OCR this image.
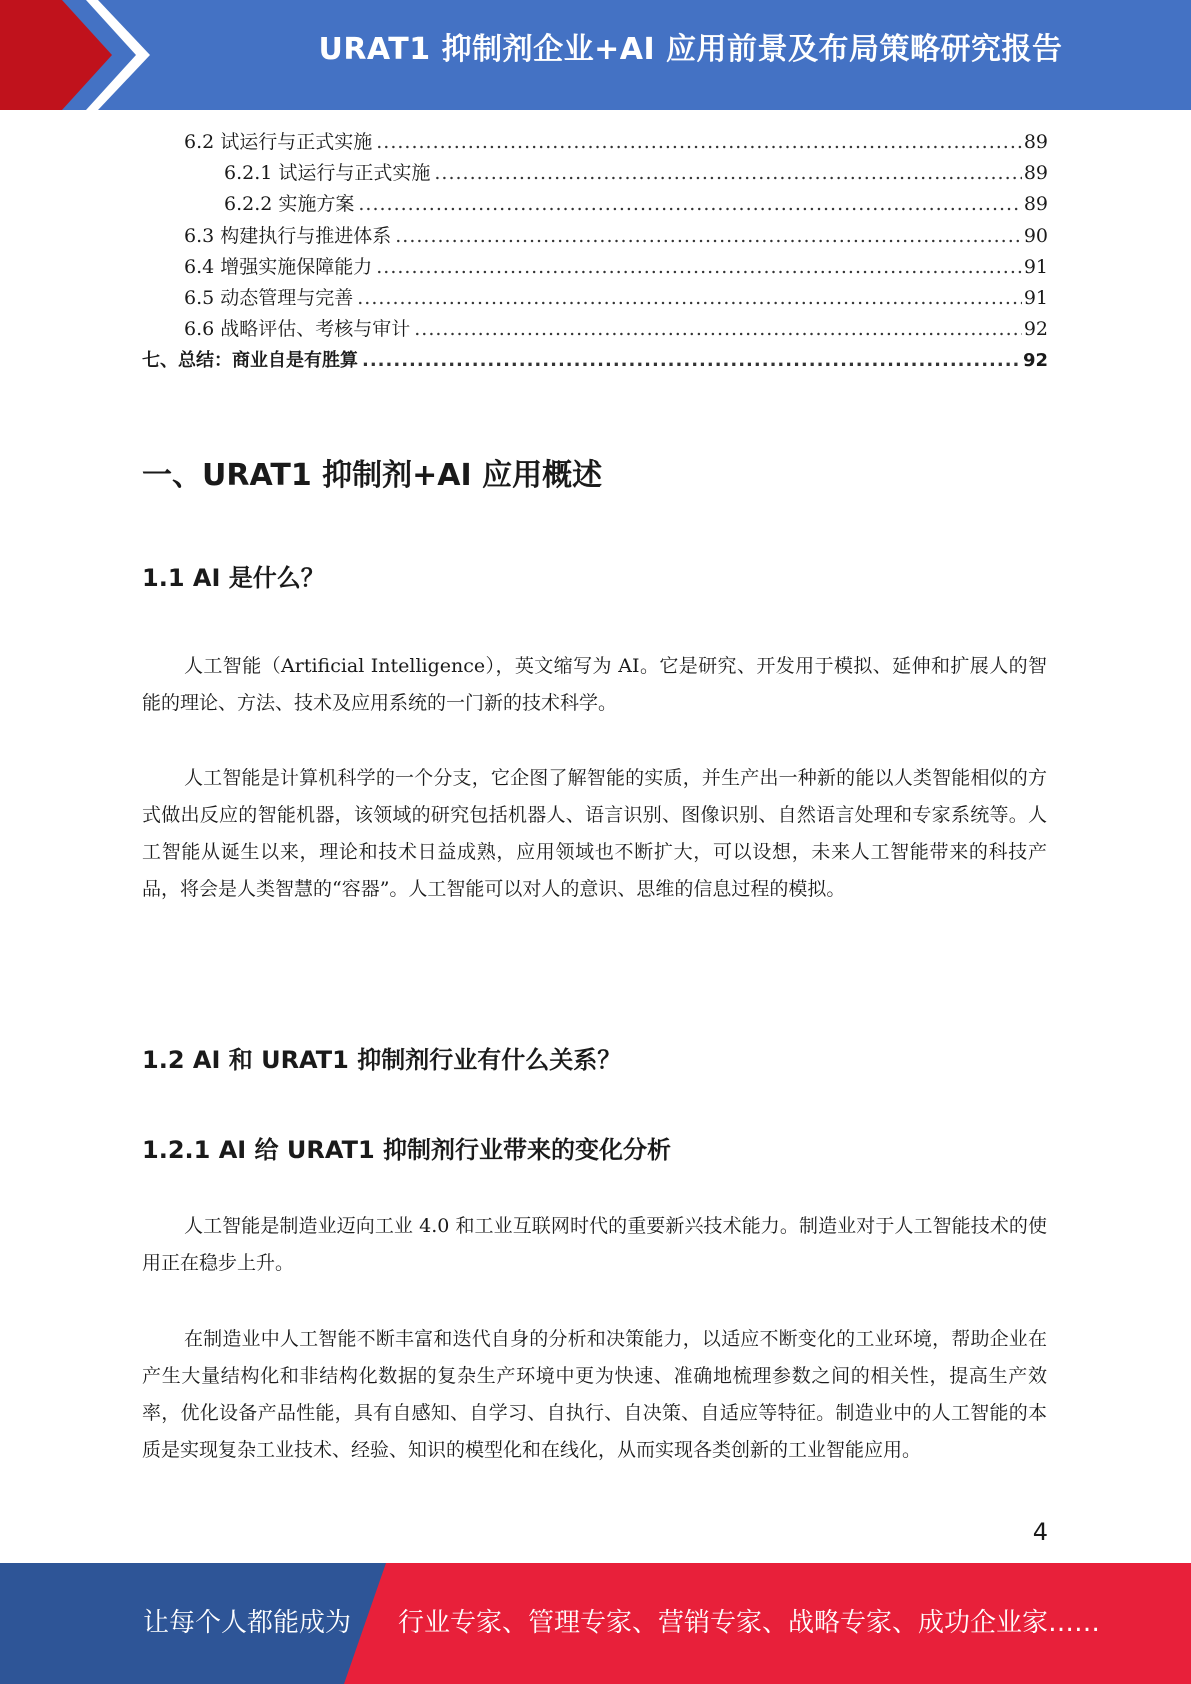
URAT1 抑制剂企业+AI 应用前景及布局策略研究报告
6.2 试运行与正式实施 .....	89
6.2.1 试运行与正式实施 .....	89
6.2.2 实施方案 .....	89
6.3 构建执行与推进体系 .....	90
6.4 增强实施保障能力 .....	91
6.5 动态管理与完善 .....	91
6.6 战略评估、考核与审计 .....	92
七、总结：商业自是有胜算 .....	92
一、URAT1 抑制剂+AI 应用概述
1.1 AI 是什么？

人工智能（Artificial Intelligence），英文缩写为 AI。它是研究、开发用于模拟、延伸和扩展人的智能的理论、方法、技术及应用系统的一门新的技术科学。

人工智能是计算机科学的一个分支，它企图了解智能的实质，并生产出一种新的能以人类智能相似的方式做出反应的智能机器，该领域的研究包括机器人、语言识别、图像识别、自然语言处理和专家系统等。人工智能从诞生以来，理论和技术日益成熟，应用领域也不断扩大，可以设想，未来人工智能带来的科技产品，将会是人类智慧的“容器”。人工智能可以对人的意识、思维的信息过程的模拟。

1.2 AI 和 URAT1 抑制剂行业有什么关系？
1.2.1 AI 给 URAT1 抑制剂行业带来的变化分析

人工智能是制造业迈向工业 4.0 和工业互联网时代的重要新兴技术能力。制造业对于人工智能技术的使用正在稳步上升。

在制造业中人工智能不断丰富和迭代自身的分析和决策能力，以适应不断变化的工业环境，帮助企业在产生大量结构化和非结构化数据的复杂生产环境中更为快速、准确地梳理参数之间的相关性，提高生产效率，优化设备产品性能，具有自感知、自学习、自执行、自决策、自适应等特征。制造业中的人工智能的本质是实现复杂工业技术、经验、知识的模型化和在线化，从而实现各类创新的工业智能应用。

4
让每个人都能成为 行业专家、管理专家、营销专家、战略专家、成功企业家……
